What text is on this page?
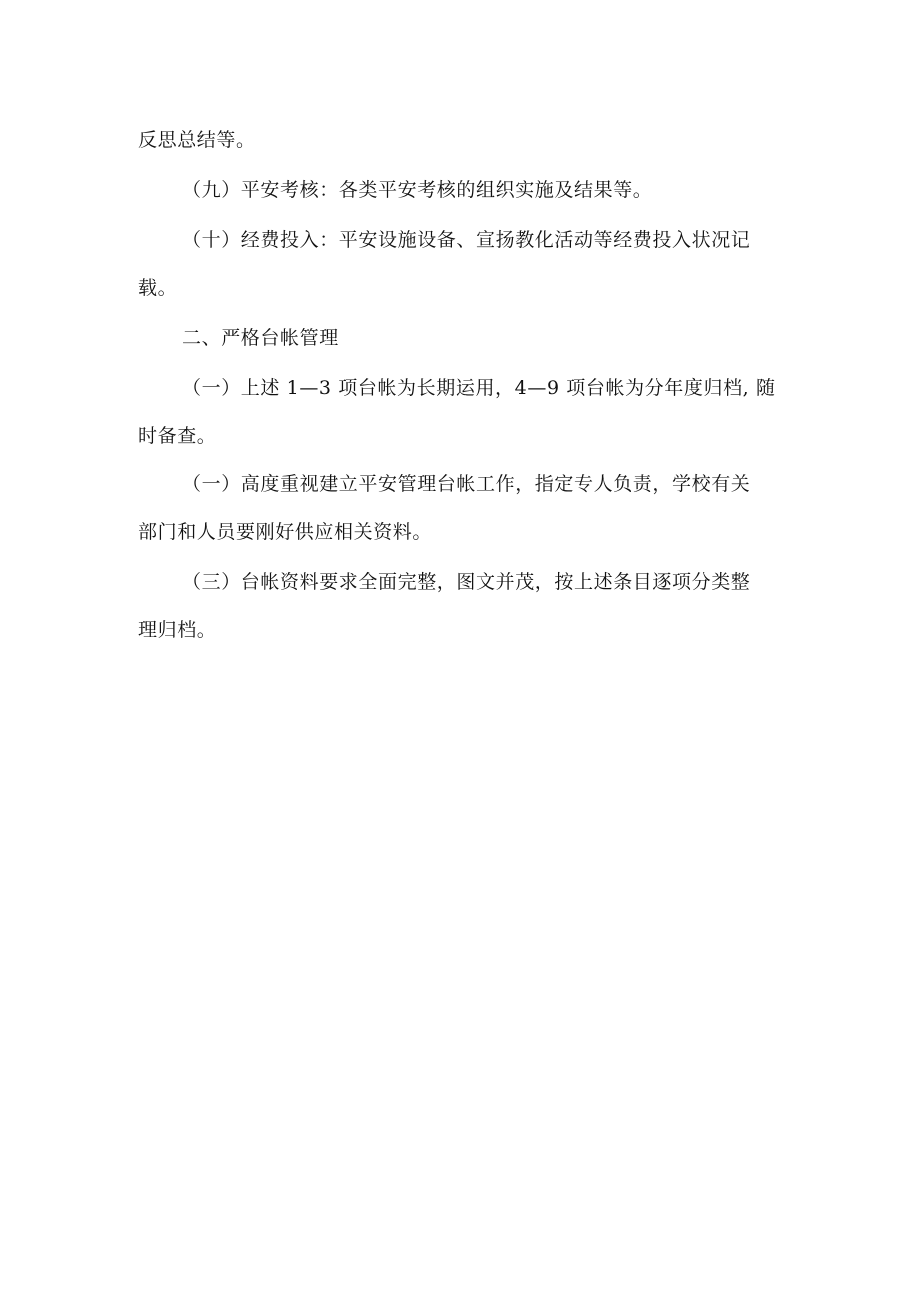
反思总结等。
（九）平安考核：各类平安考核的组织实施及结果等。
（十）经费投入：平安设施设备、宣扬教化活动等经费投入状况记
载。
二、严格台帐管理
（一）上述 1—3 项台帐为长期运用，4—9 项台帐为分年度归档, 随
时备查。
（一）高度重视建立平安管理台帐工作，指定专人负责，学校有关
部门和人员要刚好供应相关资料。
（三）台帐资料要求全面完整，图文并茂，按上述条目逐项分类整
理归档。
